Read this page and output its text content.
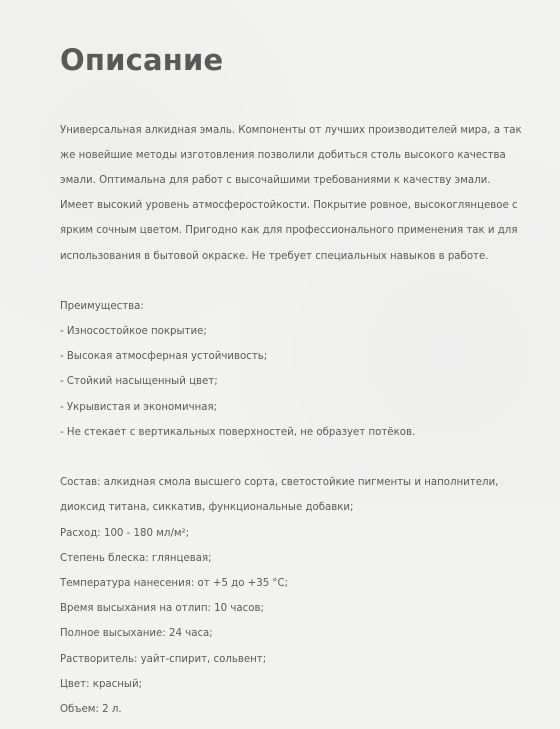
Описание

Универсальная алкидная эмаль. Компоненты от лучших производителей мира, а так

же новейшие методы изготовления позволили добиться столь высокого качества

эмали. Оптимальна для работ с высочайшими требованиями к качеству эмали.

Имеет высокий уровень атмосферостойкости. Покрытие ровное, высокоглянцевое с

ярким сочным цветом. Пригодно как для профессионального применения так и для

использования в бытовой окраске. Не требует специальных навыков в работе.

Преимущества:

- Износостойкое покрытие;

- Высокая атмосферная устойчивость;

- Стойкий насыщенный цвет;

- Укрывистая и экономичная;

- Не стекает с вертикальных поверхностей, не образует потёков.

Состав: алкидная смола высшего сорта, светостойкие пигменты и наполнители,

диоксид титана, сиккатив, функциональные добавки;

Расход: 100 - 180 мл/м²;

Степень блеска: глянцевая;

Температура нанесения: от +5 до +35 °С;

Время высыхания на отлип: 10 часов;

Полное высыхание: 24 часа;

Растворитель: уайт-спирит, сольвент;

Цвет: красный;

Объем: 2 л.
